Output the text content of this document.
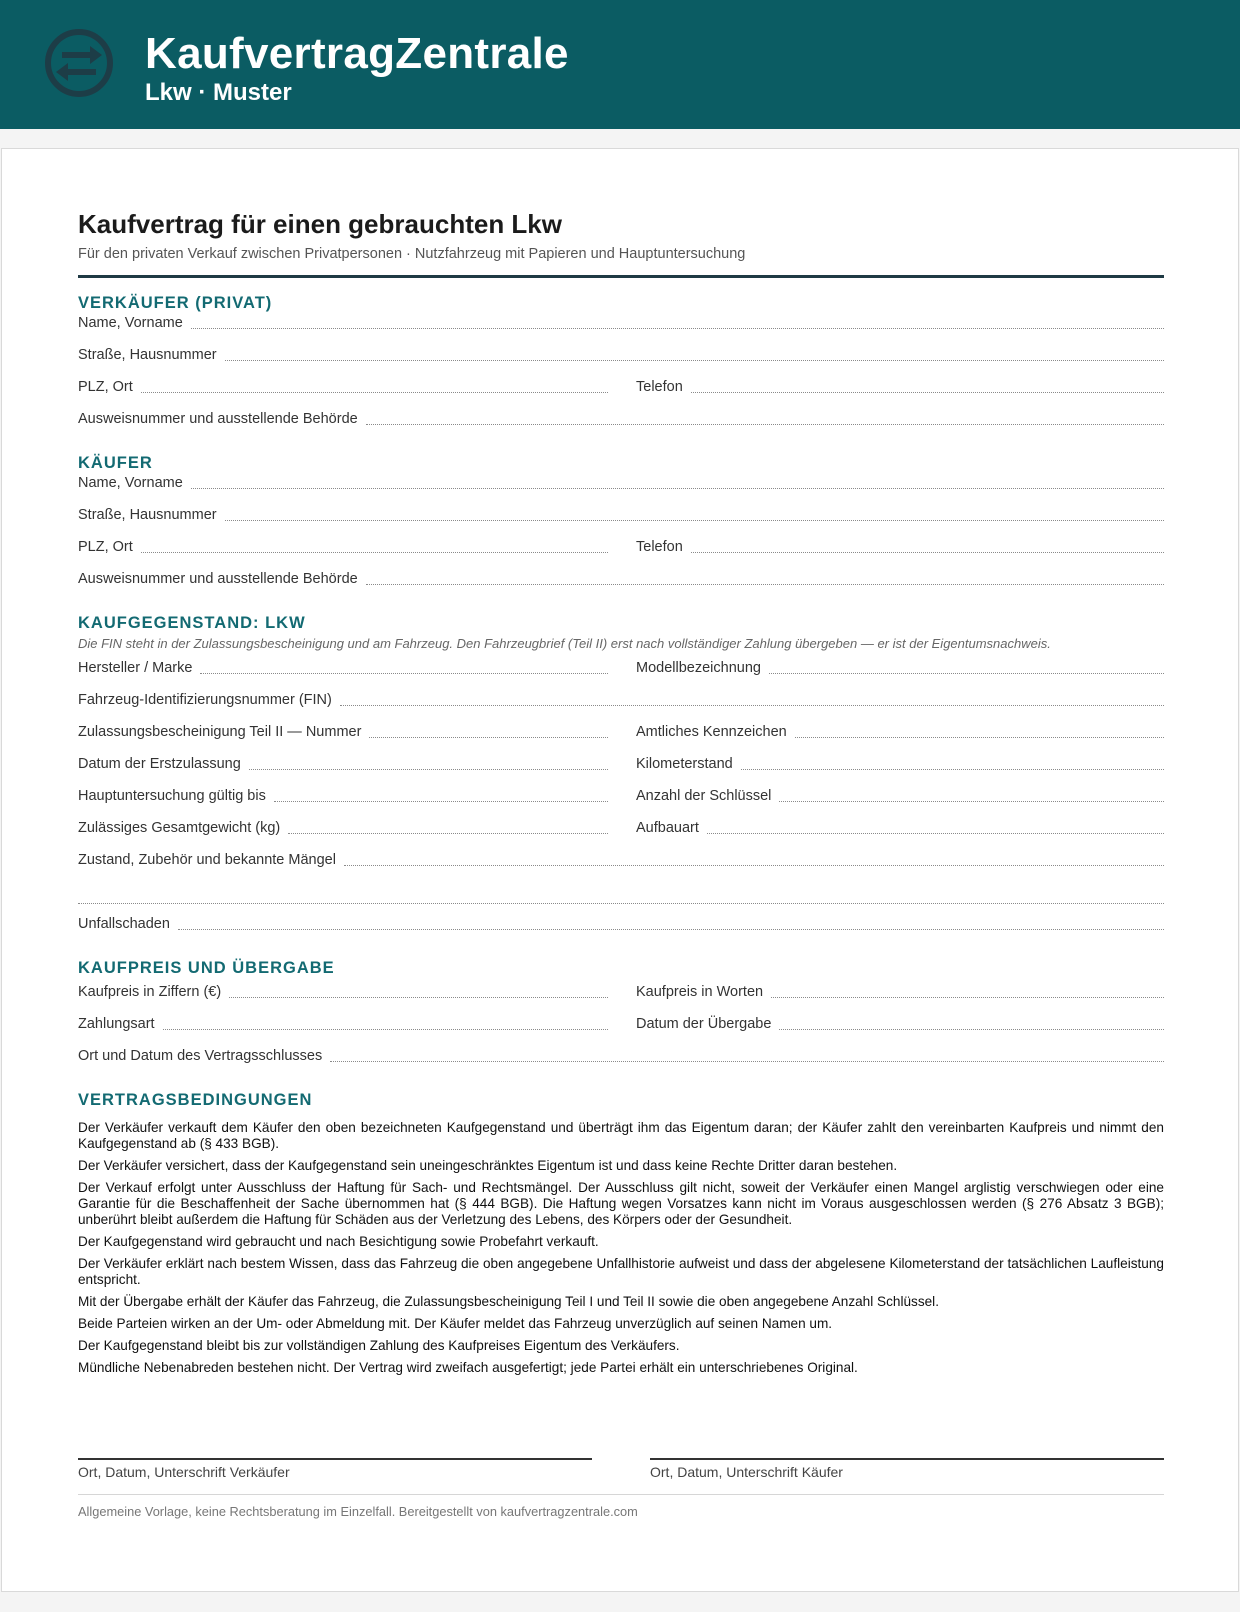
KaufvertragZentrale
Lkw · Muster
Kaufvertrag für einen gebrauchten Lkw
Für den privaten Verkauf zwischen Privatpersonen · Nutzfahrzeug mit Papieren und Hauptuntersuchung
VERKÄUFER (PRIVAT)
Name, Vorname
Straße, Hausnummer
PLZ, Ort	Telefon
Ausweisnummer und ausstellende Behörde
KÄUFER
Name, Vorname
Straße, Hausnummer
PLZ, Ort	Telefon
Ausweisnummer und ausstellende Behörde
KAUFGEGENSTAND: LKW
Die FIN steht in der Zulassungsbescheinigung und am Fahrzeug. Den Fahrzeugbrief (Teil II) erst nach vollständiger Zahlung übergeben — er ist der Eigentumsnachweis.
Hersteller / Marke	Modellbezeichnung
Fahrzeug-Identifizierungsnummer (FIN)
Zulassungsbescheinigung Teil II — Nummer	Amtliches Kennzeichen
Datum der Erstzulassung	Kilometerstand
Hauptuntersuchung gültig bis	Anzahl der Schlüssel
Zulässiges Gesamtgewicht (kg)	Aufbauart
Zustand, Zubehör und bekannte Mängel
Unfallschaden
KAUFPREIS UND ÜBERGABE
Kaufpreis in Ziffern (€)	Kaufpreis in Worten
Zahlungsart	Datum der Übergabe
Ort und Datum des Vertragsschlusses
VERTRAGSBEDINGUNGEN

Der Verkäufer verkauft dem Käufer den oben bezeichneten Kaufgegenstand und überträgt ihm das Eigentum daran; der Käufer zahlt den vereinbarten Kaufpreis und nimmt den Kaufgegenstand ab (§ 433 BGB).

Der Verkäufer versichert, dass der Kaufgegenstand sein uneingeschränktes Eigentum ist und dass keine Rechte Dritter daran bestehen.

Der Verkauf erfolgt unter Ausschluss der Haftung für Sach- und Rechtsmängel. Der Ausschluss gilt nicht, soweit der Verkäufer einen Mangel arglistig verschwiegen oder eine Garantie für die Beschaffenheit der Sache übernommen hat (§ 444 BGB). Die Haftung wegen Vorsatzes kann nicht im Voraus ausgeschlossen werden (§ 276 Absatz 3 BGB); unberührt bleibt außerdem die Haftung für Schäden aus der Verletzung des Lebens, des Körpers oder der Gesundheit.

Der Kaufgegenstand wird gebraucht und nach Besichtigung sowie Probefahrt verkauft.

Der Verkäufer erklärt nach bestem Wissen, dass das Fahrzeug die oben angegebene Unfallhistorie aufweist und dass der abgelesene Kilometerstand der tatsächlichen Laufleistung entspricht.

Mit der Übergabe erhält der Käufer das Fahrzeug, die Zulassungsbescheinigung Teil I und Teil II sowie die oben angegebene Anzahl Schlüssel.

Beide Parteien wirken an der Um- oder Abmeldung mit. Der Käufer meldet das Fahrzeug unverzüglich auf seinen Namen um.

Der Kaufgegenstand bleibt bis zur vollständigen Zahlung des Kaufpreises Eigentum des Verkäufers.

Mündliche Nebenabreden bestehen nicht. Der Vertrag wird zweifach ausgefertigt; jede Partei erhält ein unterschriebenes Original.

Ort, Datum, Unterschrift Verkäufer	Ort, Datum, Unterschrift Käufer
Allgemeine Vorlage, keine Rechtsberatung im Einzelfall. Bereitgestellt von kaufvertragzentrale.com
